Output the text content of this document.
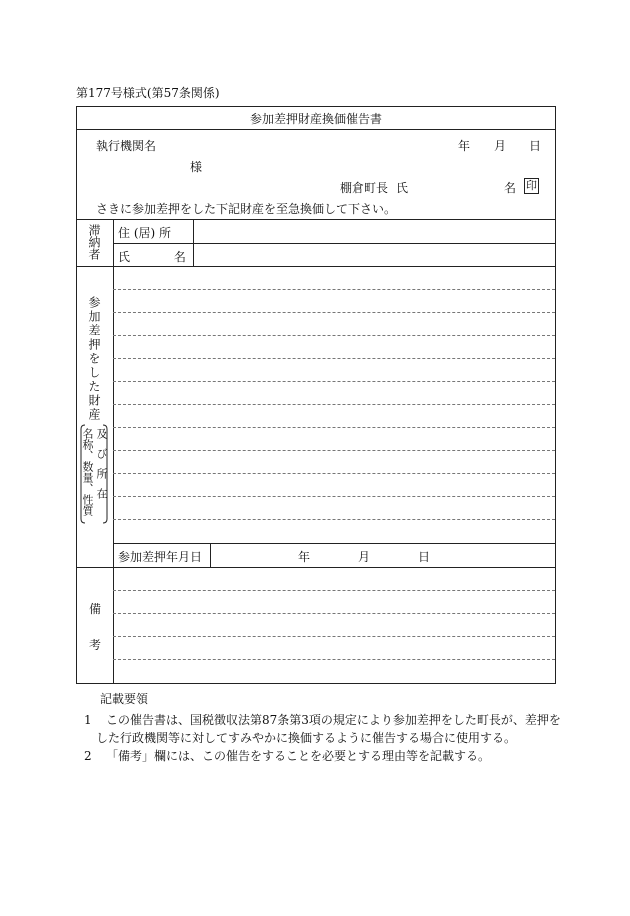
第177号様式(第57条関係)
参加差押財産換価催告書
執行機関名	年 月 日
様
棚倉町長 氏	名 印
さきに参加差押をした下記財産を至急換価して下さい。
滞納者 住 (居) 所
氏 名
参加差押をした財産
名称、数量、性質 及び所在
参加差押年月日	年	月	日
備
考
記載要領
1 この催告書は、国税徴収法第87条第3項の規定により参加差押をした町長が、差押を
した行政機関等に対してすみやかに換価するように催告する場合に使用する。
2 「備考」欄には、この催告をすることを必要とする理由等を記載する。
